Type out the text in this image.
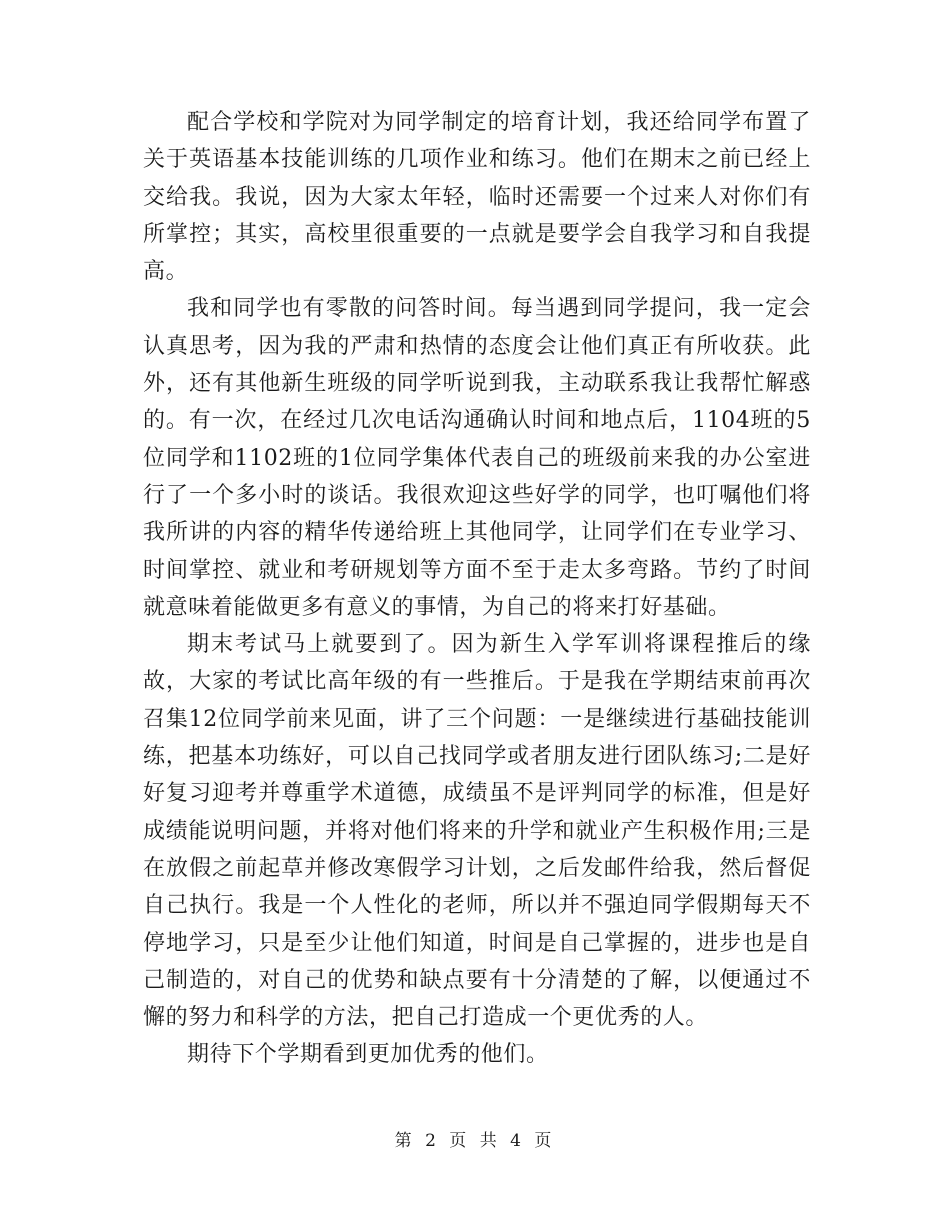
配合学校和学院对为同学制定的培育计划，我还给同学布置了关于英语基本技能训练的几项作业和练习。他们在期末之前已经上交给我。我说，因为大家太年轻，临时还需要一个过来人对你们有所掌控；其实，高校里很重要的一点就是要学会自我学习和自我提高。

我和同学也有零散的问答时间。每当遇到同学提问，我一定会认真思考，因为我的严肃和热情的态度会让他们真正有所收获。此外，还有其他新生班级的同学听说到我，主动联系我让我帮忙解惑的。有一次，在经过几次电话沟通确认时间和地点后，1104班的5位同学和1102班的1位同学集体代表自己的班级前来我的办公室进行了一个多小时的谈话。我很欢迎这些好学的同学，也叮嘱他们将我所讲的内容的精华传递给班上其他同学，让同学们在专业学习、时间掌控、就业和考研规划等方面不至于走太多弯路。节约了时间就意味着能做更多有意义的事情，为自己的将来打好基础。

期末考试马上就要到了。因为新生入学军训将课程推后的缘故，大家的考试比高年级的有一些推后。于是我在学期结束前再次召集12位同学前来见面，讲了三个问题：一是继续进行基础技能训练，把基本功练好，可以自己找同学或者朋友进行团队练习;二是好好复习迎考并尊重学术道德，成绩虽不是评判同学的标准，但是好成绩能说明问题，并将对他们将来的升学和就业产生积极作用;三是在放假之前起草并修改寒假学习计划，之后发邮件给我，然后督促自己执行。我是一个人性化的老师，所以并不强迫同学假期每天不停地学习，只是至少让他们知道，时间是自己掌握的，进步也是自己制造的，对自己的优势和缺点要有十分清楚的了解，以便通过不懈的努力和科学的方法，把自己打造成一个更优秀的人。

期待下个学期看到更加优秀的他们。

第 2 页 共 4 页
